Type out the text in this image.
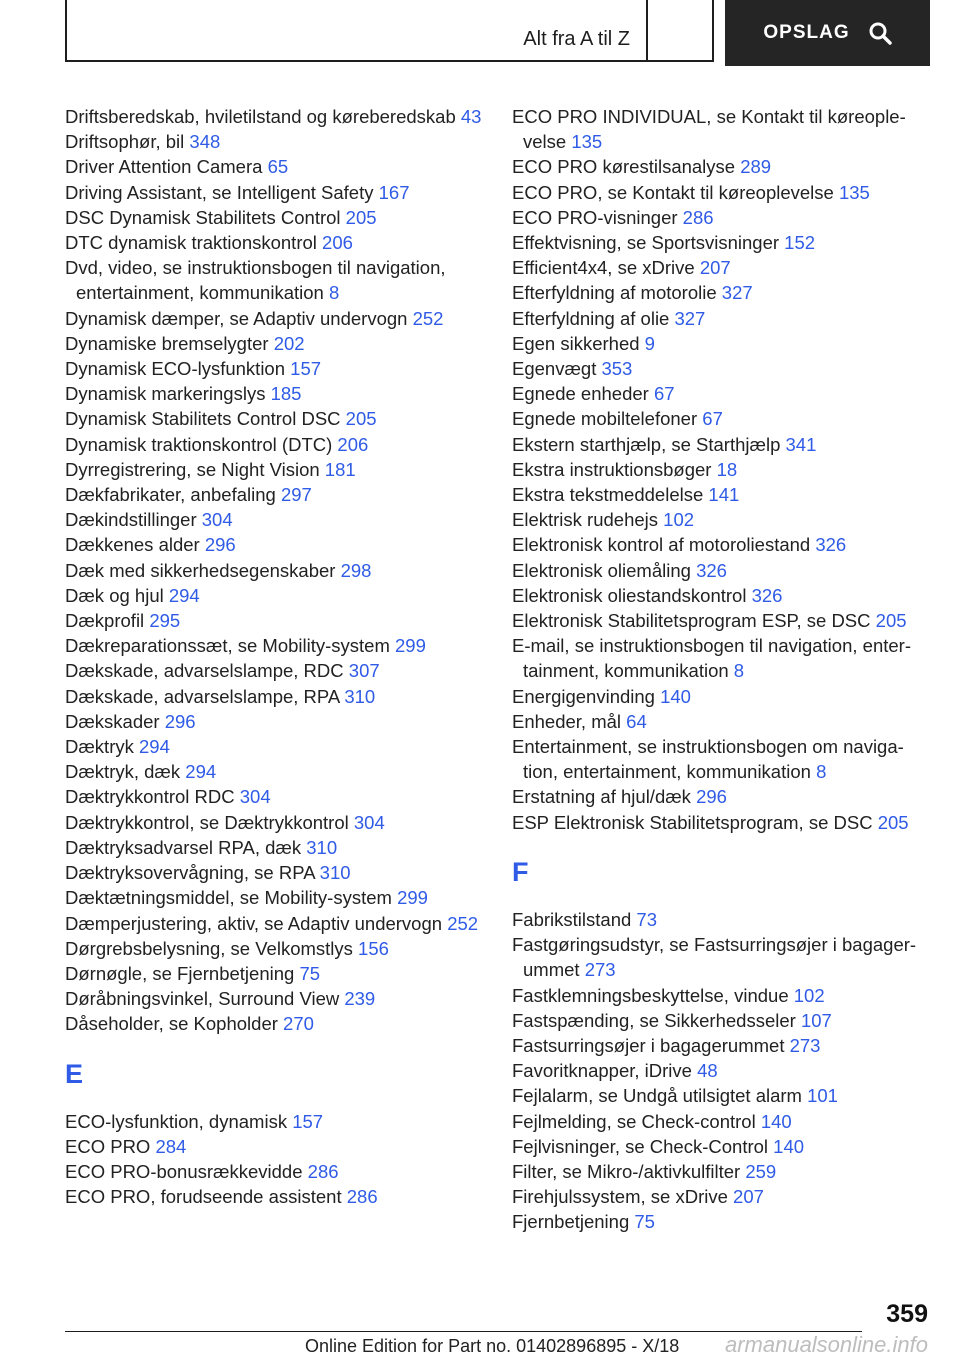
Alt fra A til Z	OPSLAG

Driftsberedskab, hviletilstand og køreberedskab 43

Driftsophør, bil 348

Driver Attention Camera 65

Driving Assistant, se Intelligent Safety 167

DSC Dynamisk Stabilitets Control 205

DTC dynamisk traktionskontrol 206

Dvd, video, se instruktionsbogen til navigation, entertainment, kommunikation 8

Dynamisk dæmper, se Adaptiv undervogn 252

Dynamiske bremselygter 202

Dynamisk ECO-lysfunktion 157

Dynamisk markeringslys 185

Dynamisk Stabilitets Control DSC 205

Dynamisk traktionskontrol (DTC) 206

Dyrregistrering, se Night Vision 181

Dækfabrikater, anbefaling 297

Dækindstillinger 304

Dækkenes alder 296

Dæk med sikkerhedsegenskaber 298

Dæk og hjul 294

Dækprofil 295

Dækreparationssæt, se Mobility-system 299

Dækskade, advarselslampe, RDC 307

Dækskade, advarselslampe, RPA 310

Dækskader 296

Dæktryk 294

Dæktryk, dæk 294

Dæktrykkontrol RDC 304

Dæktrykkontrol, se Dæktrykkontrol 304

Dæktryksadvarsel RPA, dæk 310

Dæktryksovervågning, se RPA 310

Dæktætningsmiddel, se Mobility-system 299

Dæmperjustering, aktiv, se Adaptiv undervogn 252

Dørgrebsbelysning, se Velkomstlys 156

Dørnøgle, se Fjernbetjening 75

Døråbningsvinkel, Surround View 239

Dåseholder, se Kopholder 270

E

ECO-lysfunktion, dynamisk 157

ECO PRO 284

ECO PRO-bonusrækkevidde 286

ECO PRO, forudseende assistent 286

ECO PRO INDIVIDUAL, se Kontakt til køreoplevelse 135

ECO PRO kørestilsanalyse 289

ECO PRO, se Kontakt til køreoplevelse 135

ECO PRO-visninger 286

Effektvisning, se Sportsvisninger 152

Efficient4x4, se xDrive 207

Efterfyldning af motorolie 327

Efterfyldning af olie 327

Egen sikkerhed 9

Egenvægt 353

Egnede enheder 67

Egnede mobiltelefoner 67

Ekstern starthjælp, se Starthjælp 341

Ekstra instruktionsbøger 18

Ekstra tekstmeddelelse 141

Elektrisk rudehejs 102

Elektronisk kontrol af motoroliestand 326

Elektronisk oliemåling 326

Elektronisk oliestandskontrol 326

Elektronisk Stabilitetsprogram ESP, se DSC 205

E-mail, se instruktionsbogen til navigation, entertainment, kommunikation 8

Energigenvinding 140

Enheder, mål 64

Entertainment, se instruktionsbogen om navigation, entertainment, kommunikation 8

Erstatning af hjul/dæk 296

ESP Elektronisk Stabilitetsprogram, se DSC 205

F

Fabrikstilstand 73

Fastgøringsudstyr, se Fastsurringsøjer i bagagerummet 273

Fastklemningsbeskyttelse, vindue 102

Fastspænding, se Sikkerhedsseler 107

Fastsurringsøjer i bagagerummet 273

Favoritknapper, iDrive 48

Fejlalarm, se Undgå utilsigtet alarm 101

Fejlmelding, se Check-control 140

Fejlvisninger, se Check-Control 140

Filter, se Mikro-/aktivkulfilter 259

Firehjulssystem, se xDrive 207

Fjernbetjening 75

359
Online Edition for Part no. 01402896895 - X/18 armanualsonline.info
